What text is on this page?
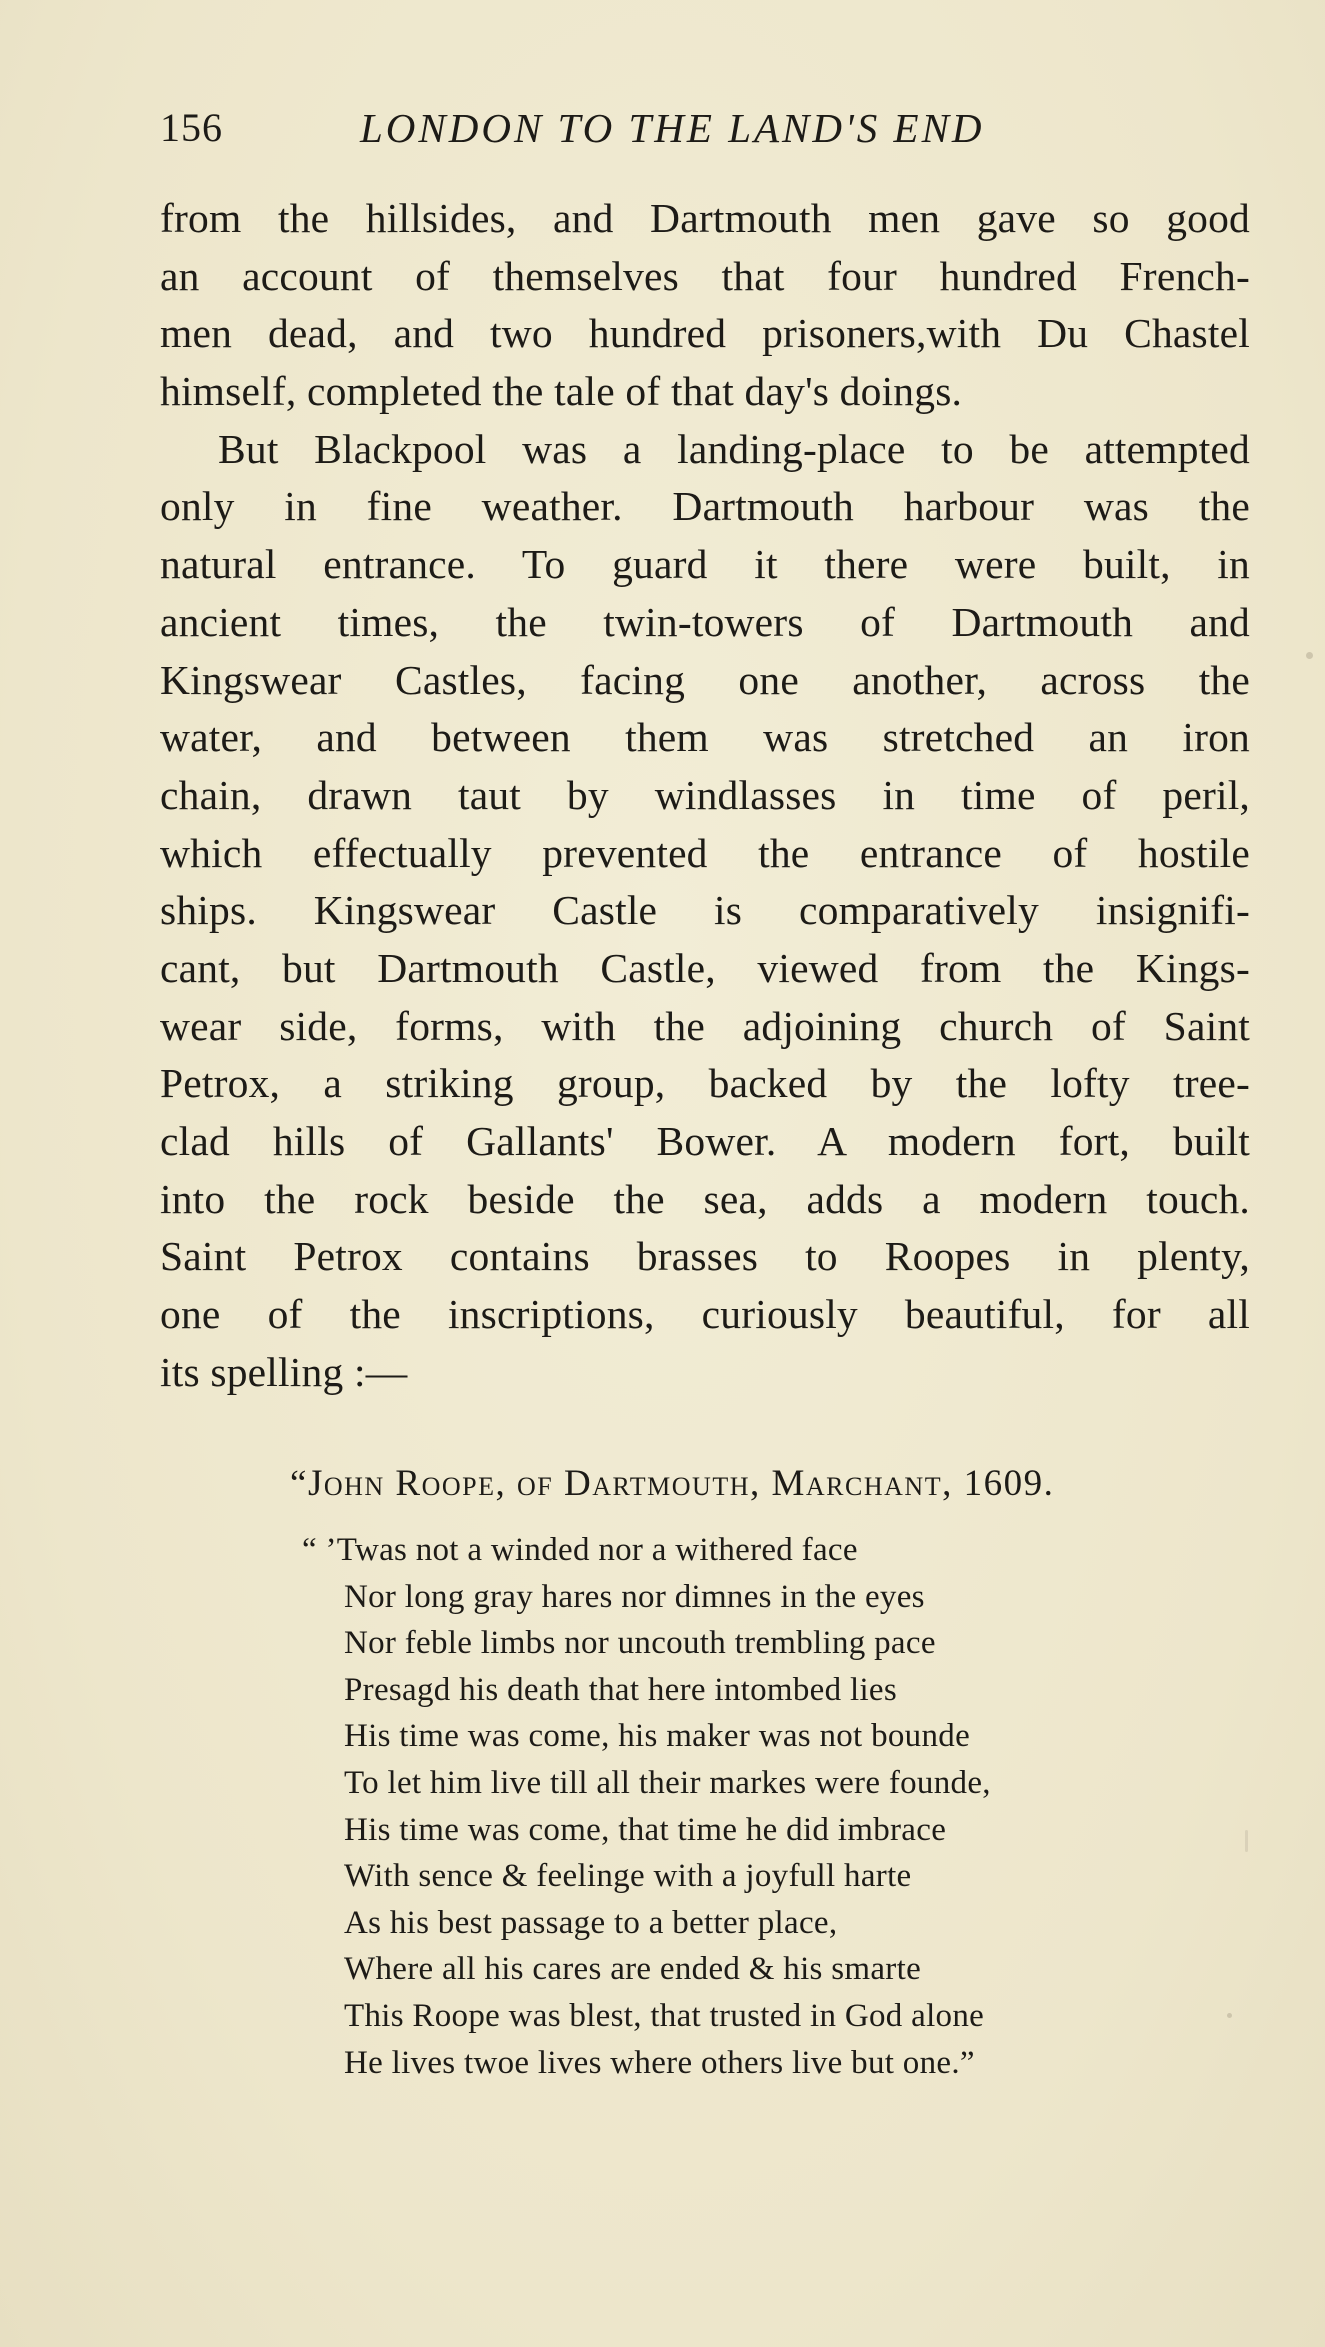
156	LONDON TO THE LAND'S END
from the hillsides, and Dartmouth men gave so good
an account of themselves that four hundred French-
men dead, and two hundred prisoners,with Du Chastel
himself, completed the tale of that day's doings.
But Blackpool was a landing-place to be attempted
only in fine weather. Dartmouth harbour was the
natural entrance. To guard it there were built, in
ancient times, the twin-towers of Dartmouth and
Kingswear Castles, facing one another, across the
water, and between them was stretched an iron
chain, drawn taut by windlasses in time of peril,
which effectually prevented the entrance of hostile
ships. Kingswear Castle is comparatively insignifi-
cant, but Dartmouth Castle, viewed from the Kings-
wear side, forms, with the adjoining church of Saint
Petrox, a striking group, backed by the lofty tree-
clad hills of Gallants' Bower. A modern fort, built
into the rock beside the sea, adds a modern touch.
Saint Petrox contains brasses to Roopes in plenty,
one of the inscriptions, curiously beautiful, for all
its spelling :—
“John Roope, of Dartmouth, Marchant, 1609.
“ ’Twas not a winded nor a withered face
Nor long gray hares nor dimnes in the eyes
Nor feble limbs nor uncouth trembling pace
Presagd his death that here intombed lies
His time was come, his maker was not bounde
To let him live till all their markes were founde,
His time was come, that time he did imbrace
With sence & feelinge with a joyfull harte
As his best passage to a better place,
Where all his cares are ended & his smarte
This Roope was blest, that trusted in God alone
He lives twoe lives where others live but one.”
